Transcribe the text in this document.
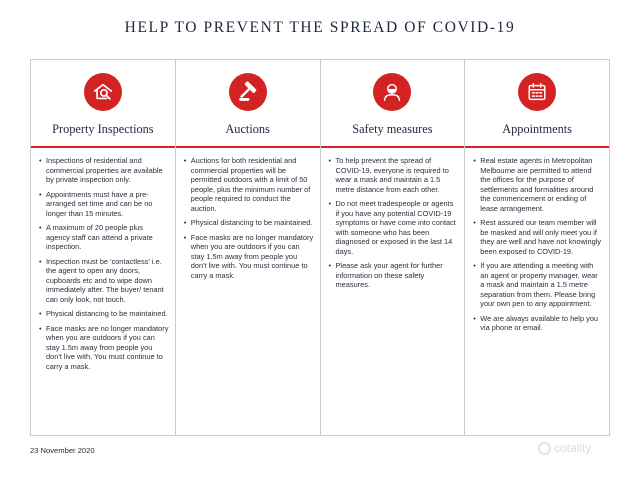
HELP TO PREVENT THE SPREAD OF COVID-19
Property Inspections
• Inspections of residential and commercial properties are available by private inspection only.
• Appointments must have a pre-arranged set time and can be no longer than 15 minutes.
• A maximum of 20 people plus agency staff can attend a private inspection.
• Inspection must be 'contactless' i.e. the agent to open any doors, cupboards etc and to wipe down immediately after. The buyer/ tenant can only look, not touch.
• Physical distancing to be maintained.
• Face masks are no longer mandatory when you are outdoors if you can stay 1.5m away from people you don't live with. You must continue to carry a mask.
Auctions
• Auctions for both residential and commercial properties will be permitted outdoors with a limit of 50 people, plus the minimum number of people required to conduct the auction.
• Physical distancing to be maintained.
• Face masks are no longer mandatory when you are outdoors if you can stay 1.5m away from people you don't live with. You must continue to carry a mask.
Safety measures
• To help prevent the spread of COVID-19, everyone is required to wear a mask and maintain a 1.5 metre distance from each other.
• Do not meet tradespeople or agents if you have any potential COVID-19 symptoms or have come into contact with someone who has been diagnosed or exposed in the last 14 days.
• Please ask your agent for further information on these safety measures.
Appointments
• Real estate agents in Metropolitan Melbourne are permitted to attend the offices for the purpose of settlements and formalities around the commencement or ending of lease arrangement.
• Rest assured our team member will be masked and will only meet you if they are well and have not knowingly been exposed to COVID-19.
• If you are attending a meeting with an agent or property manager, wear a mask and maintain a 1.5 metre separation from them. Please bring your own pen to any appointment.
• We are always available to help you via phone or email.
23 November 2020	cotality
